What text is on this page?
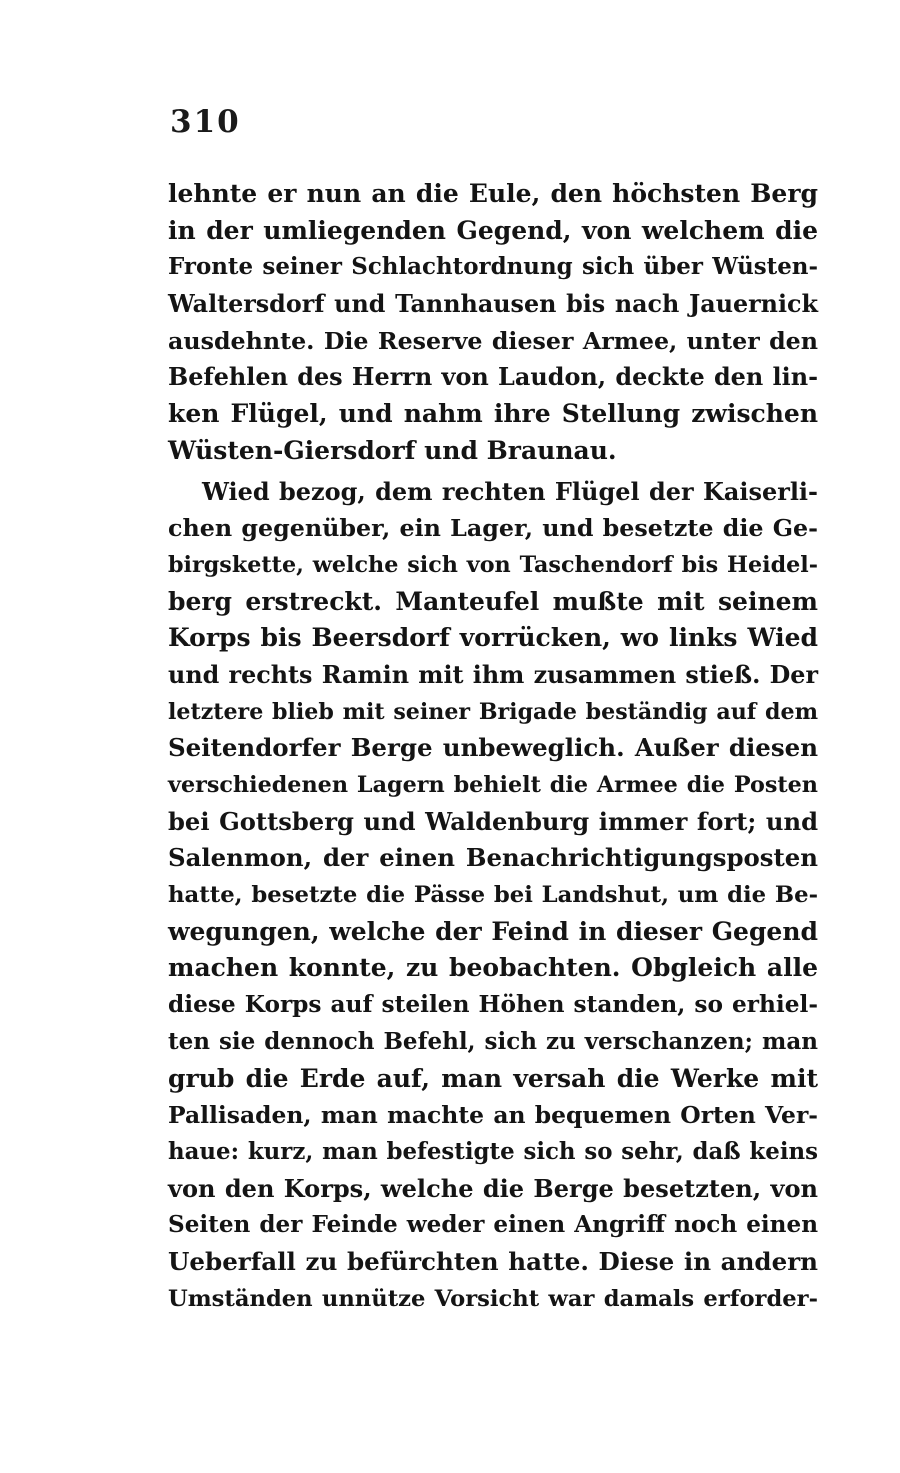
310
lehnte er nun an die Eule, den höchsten Berg
in der umliegenden Gegend, von welchem die
Fronte seiner Schlachtordnung sich über Wüsten-
Waltersdorf und Tannhausen bis nach Jauernick
ausdehnte. Die Reserve dieser Armee, unter den
Befehlen des Herrn von Laudon, deckte den lin-
ken Flügel, und nahm ihre Stellung zwischen
Wüsten-Giersdorf und Braunau.
Wied bezog, dem rechten Flügel der Kaiserli-
chen gegenüber, ein Lager, und besetzte die Ge-
birgskette, welche sich von Taschendorf bis Heidel-
berg erstreckt. Manteufel mußte mit seinem
Korps bis Beersdorf vorrücken, wo links Wied
und rechts Ramin mit ihm zusammen stieß. Der
letztere blieb mit seiner Brigade beständig auf dem
Seitendorfer Berge unbeweglich. Außer diesen
verschiedenen Lagern behielt die Armee die Posten
bei Gottsberg und Waldenburg immer fort; und
Salenmon, der einen Benachrichtigungsposten
hatte, besetzte die Pässe bei Landshut, um die Be-
wegungen, welche der Feind in dieser Gegend
machen konnte, zu beobachten. Obgleich alle
diese Korps auf steilen Höhen standen, so erhiel-
ten sie dennoch Befehl, sich zu verschanzen; man
grub die Erde auf, man versah die Werke mit
Pallisaden, man machte an bequemen Orten Ver-
haue: kurz, man befestigte sich so sehr, daß keins
von den Korps, welche die Berge besetzten, von
Seiten der Feinde weder einen Angriff noch einen
Ueberfall zu befürchten hatte. Diese in andern
Umständen unnütze Vorsicht war damals erforder-
